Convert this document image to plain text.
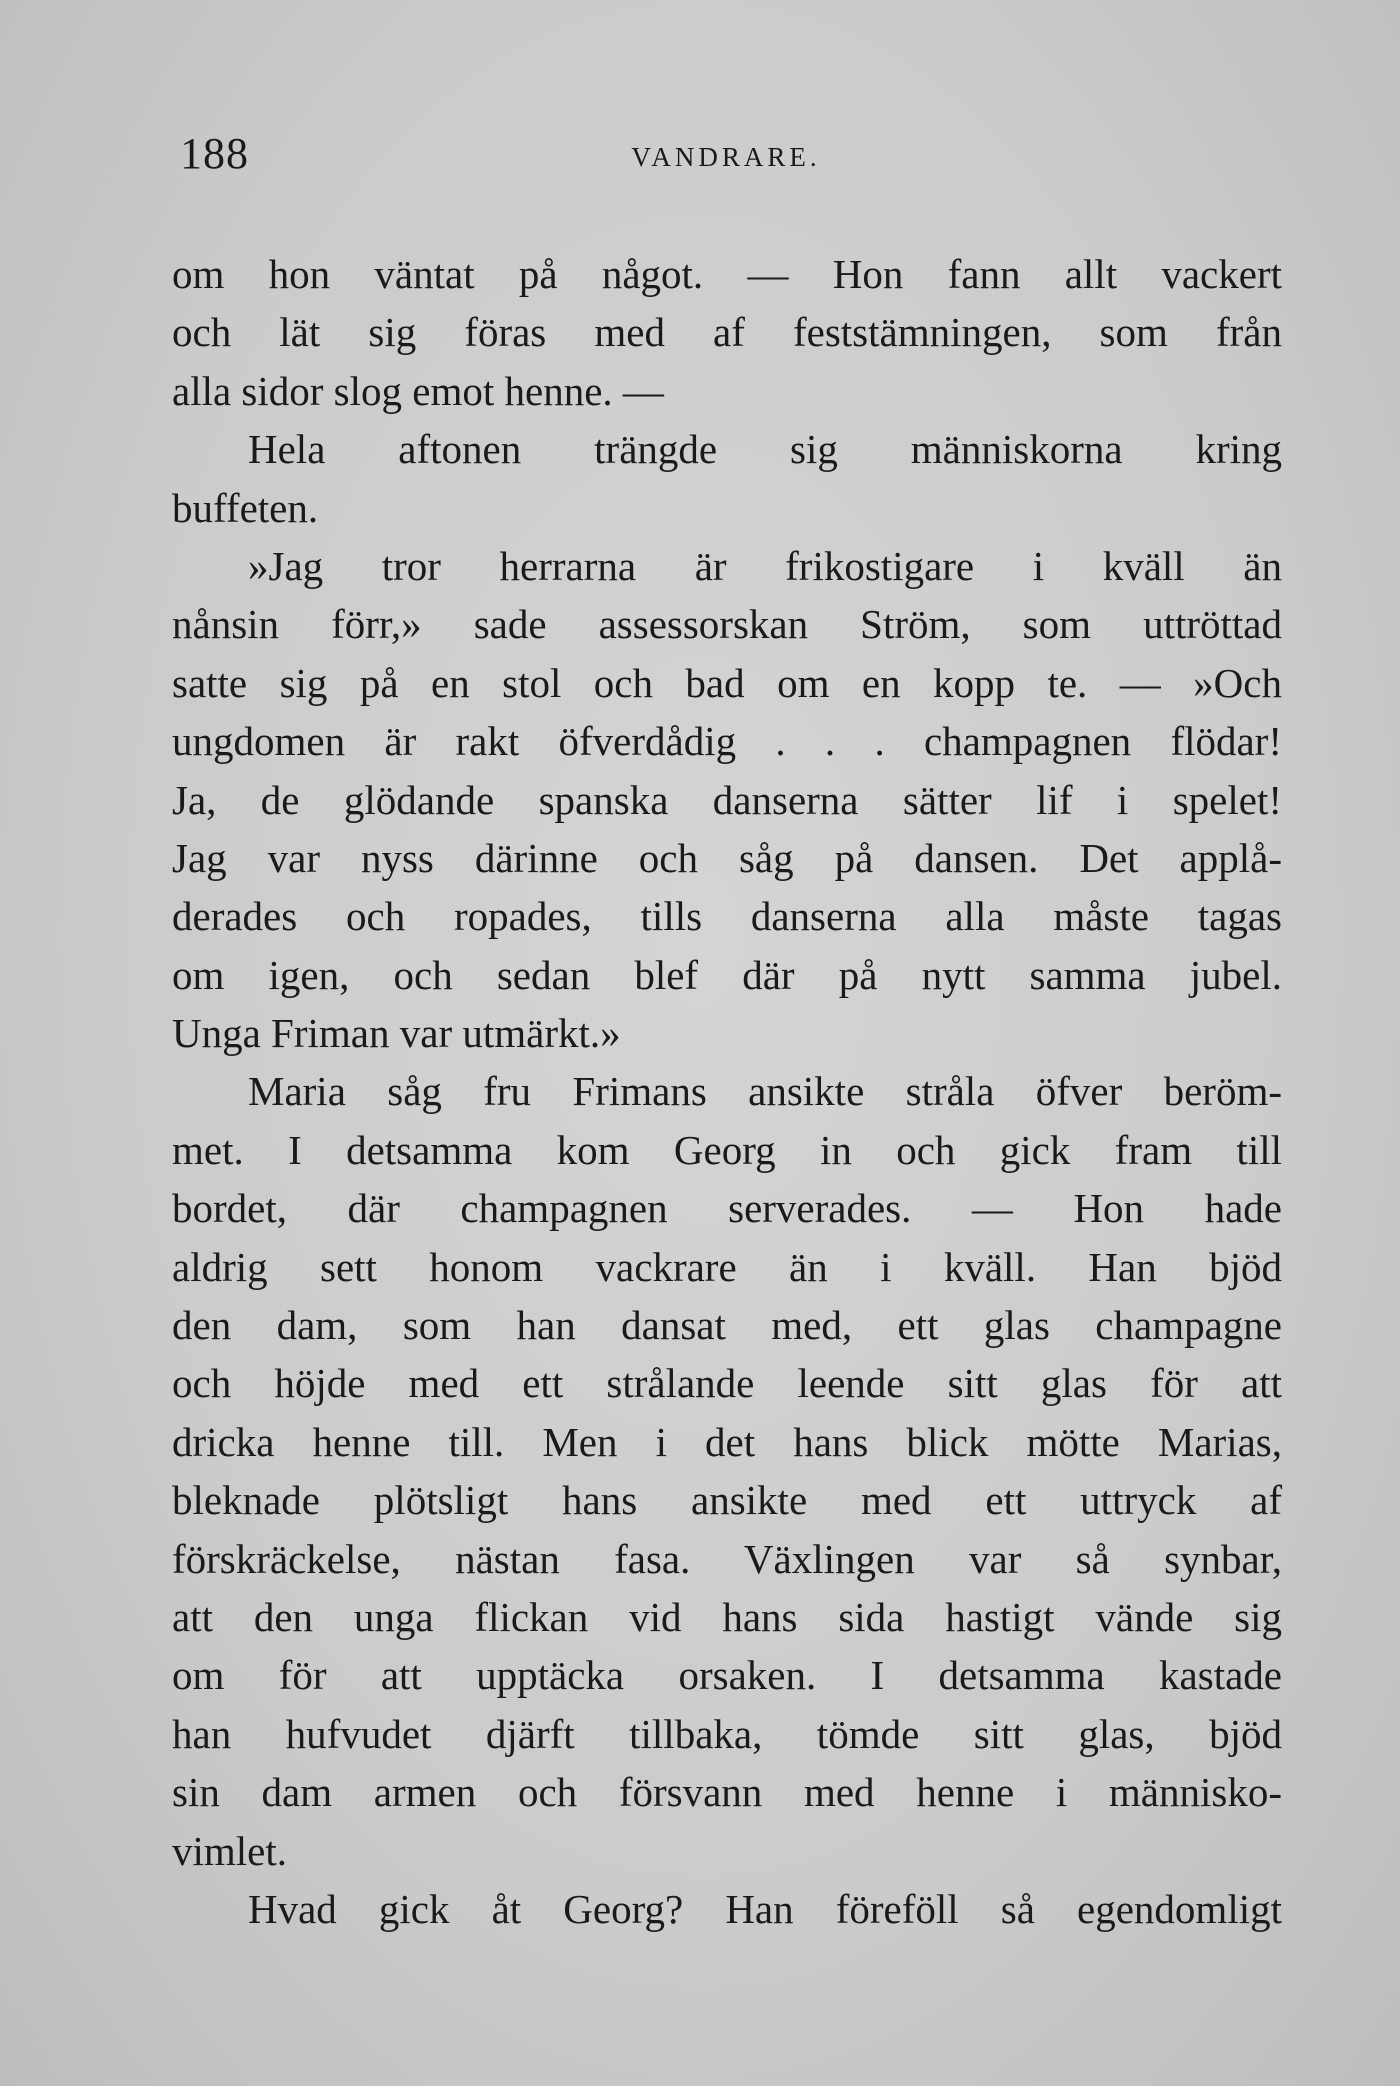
188	VANDRARE.
om hon väntat på något. — Hon fann allt vackert
och lät sig föras med af feststämningen, som från
alla sidor slog emot henne. —
Hela aftonen trängde sig människorna kring
buffeten.
»Jag tror herrarna är frikostigare i kväll än
nånsin förr,» sade assessorskan Ström, som uttröttad
satte sig på en stol och bad om en kopp te. — »Och
ungdomen är rakt öfverdådig . . . champagnen flödar!
Ja, de glödande spanska danserna sätter lif i spelet!
Jag var nyss därinne och såg på dansen. Det applå-
derades och ropades, tills danserna alla måste tagas
om igen, och sedan blef där på nytt samma jubel.
Unga Friman var utmärkt.»
Maria såg fru Frimans ansikte stråla öfver beröm-
met. I detsamma kom Georg in och gick fram till
bordet, där champagnen serverades. — Hon hade
aldrig sett honom vackrare än i kväll. Han bjöd
den dam, som han dansat med, ett glas champagne
och höjde med ett strålande leende sitt glas för att
dricka henne till. Men i det hans blick mötte Marias,
bleknade plötsligt hans ansikte med ett uttryck af
förskräckelse, nästan fasa. Växlingen var så synbar,
att den unga flickan vid hans sida hastigt vände sig
om för att upptäcka orsaken. I detsamma kastade
han hufvudet djärft tillbaka, tömde sitt glas, bjöd
sin dam armen och försvann med henne i människo-
vimlet.
Hvad gick åt Georg? Han föreföll så egendomligt
